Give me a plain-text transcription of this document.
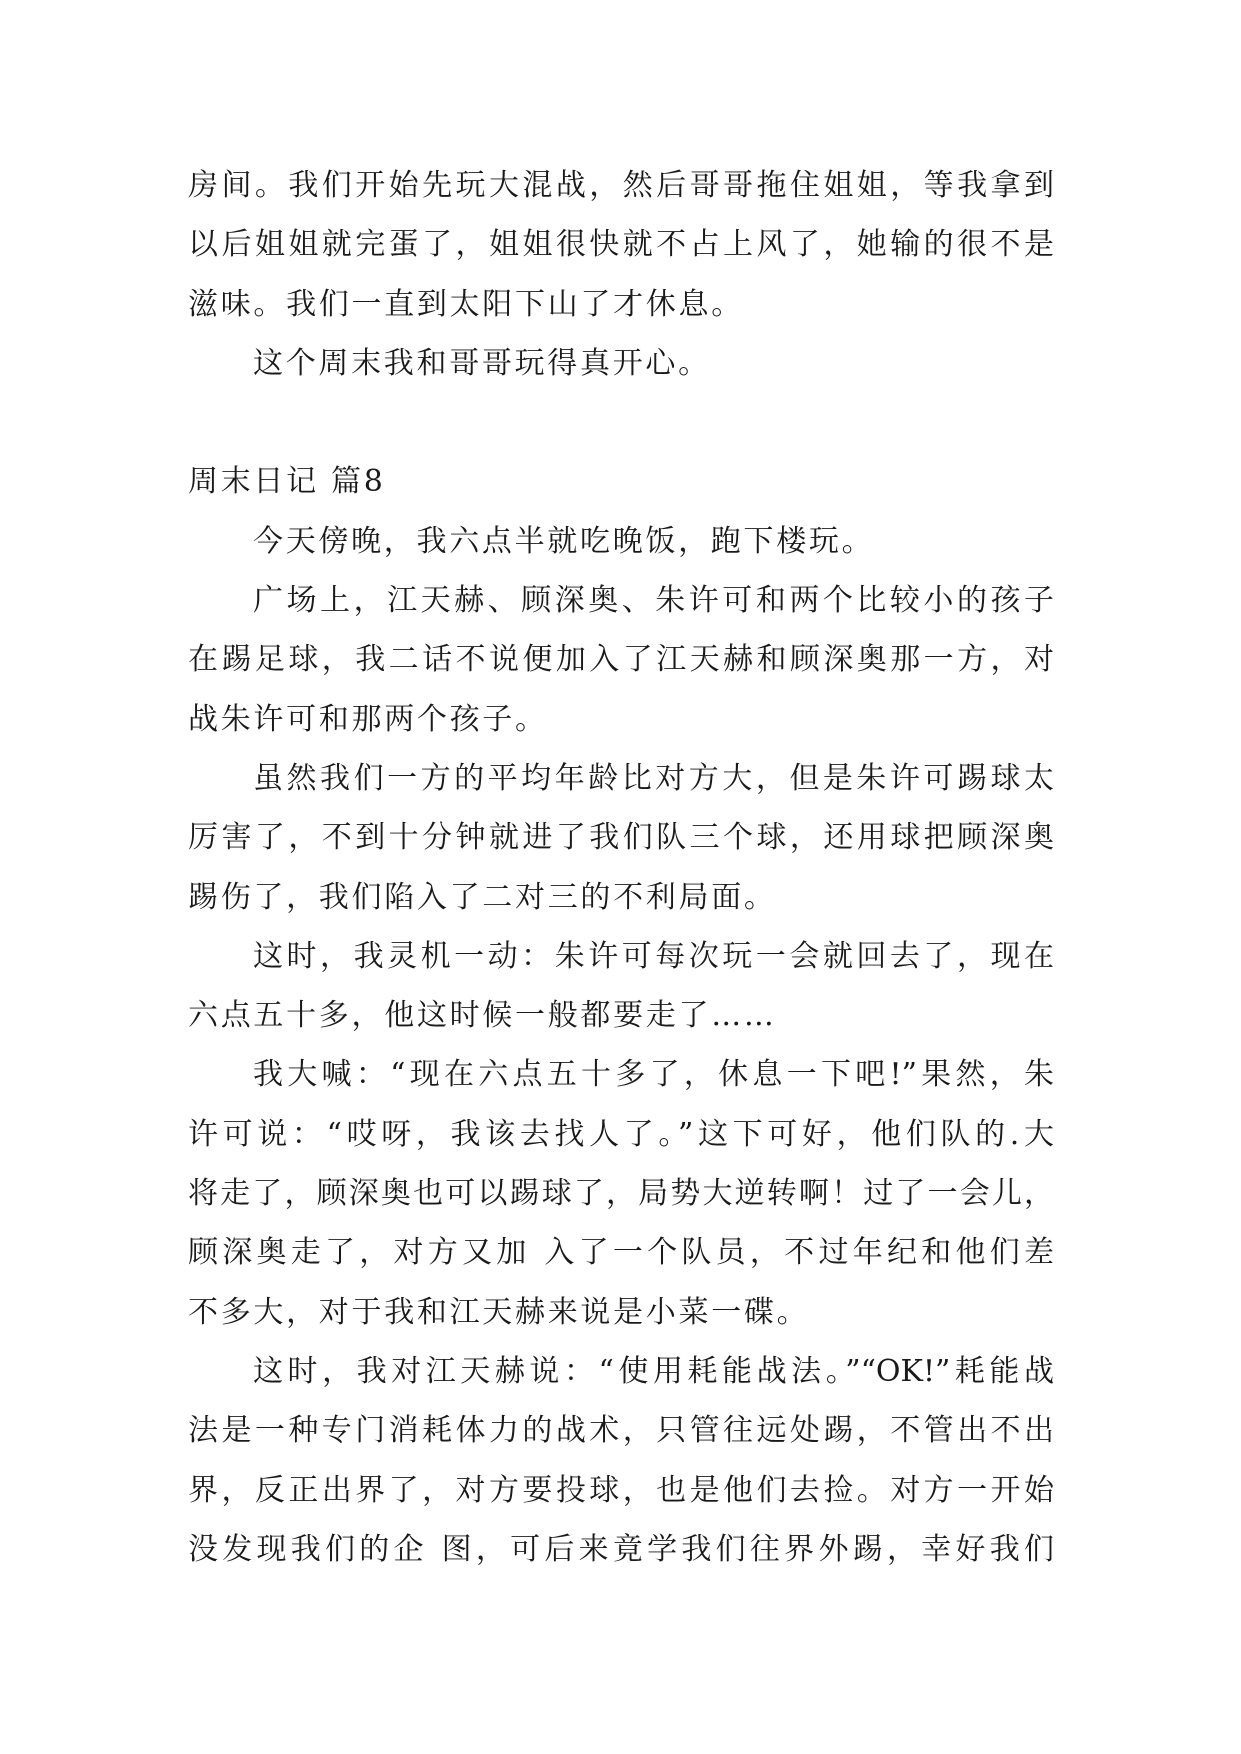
房间。我们开始先玩大混战，然后哥哥拖住姐姐，等我拿到
以后姐姐就完蛋了，姐姐很快就不占上风了，她输的很不是
滋味。我们一直到太阳下山了才休息。
这个周末我和哥哥玩得真开心。
周末日记 篇8
今天傍晚，我六点半就吃晚饭，跑下楼玩。
广场上，江天赫、顾深奥、朱许可和两个比较小的孩子
在踢足球，我二话不说便加入了江天赫和顾深奥那一方，对
战朱许可和那两个孩子。
虽然我们一方的平均年龄比对方大，但是朱许可踢球太
厉害了，不到十分钟就进了我们队三个球，还用球把顾深奥
踢伤了，我们陷入了二对三的不利局面。
这时，我灵机一动：朱许可每次玩一会就回去了，现在
六点五十多，他这时候一般都要走了……
我大喊：“现在六点五十多了，休息一下吧!”果然，朱
许可说：“哎呀，我该去找人了。”这下可好，他们队的.大
将走了，顾深奥也可以踢球了，局势大逆转啊！过了一会儿，
顾深奥走了，对方又加 入了一个队员，不过年纪和他们差
不多大，对于我和江天赫来说是小菜一碟。
这时，我对江天赫说：“使用耗能战法。”“OK!”耗能战
法是一种专门消耗体力的战术，只管往远处踢，不管出不出
界，反正出界了，对方要投球，也是他们去捡。对方一开始
没发现我们的企 图，可后来竟学我们往界外踢，幸好我们
